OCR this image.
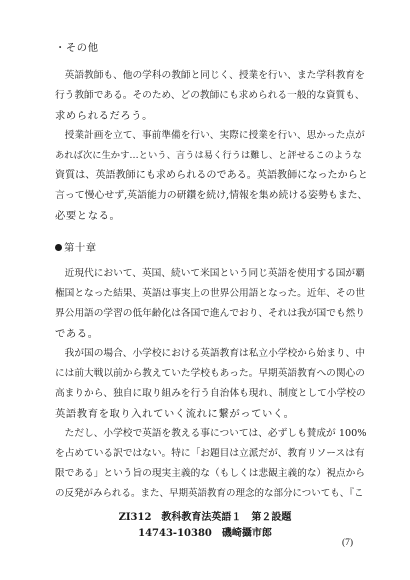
・その他
　英語教師も、他の学科の教師と同じく、授業を行い、また学科教育を
行う教師である。そのため、どの教師にも求められる一般的な資質も、
求められるだろう。
　授業計画を立て、事前準備を行い、実際に授業を行い、思かった点が
あれば次に生かす…という、言うは易く行うは難し、と評せるこのような
資質は、英語教師にも求められるのである。英語教師になったからと
言って慢心せず,英語能力の研鑽を続け,情報を集め続ける姿勢もまた、
必要となる。
第十章
　近現代において、英国、続いて米国という同じ英語を使用する国が覇
権国となった結果、英語は事実上の世界公用語となった。近年、その世
界公用語の学習の低年齢化は各国で進んでおり、それは我が国でも然り
である。
　我が国の場合、小学校における英語教育は私立小学校から始まり、中
には前大戦以前から教えていた学校もあった。早期英語教育への関心の
高まりから、独自に取り組みを行う自治体も現れ、制度として小学校の
英語教育を取り入れていく流れに繋がっていく。
　ただし、小学校で英語を教える事については、必ずしも賛成が 100%
を占めている訳ではない。特に「お題目は立派だが、教育リソースは有
限である」という旨の現実主義的な（もしくは悲観主義的な）視点から
の反発がみられる。また、早期英語教育の理念的な部分についても、『こ
ZI312　教科教育法英語１　第２設題
14743-10380　磯崎攝市郎
(7)
